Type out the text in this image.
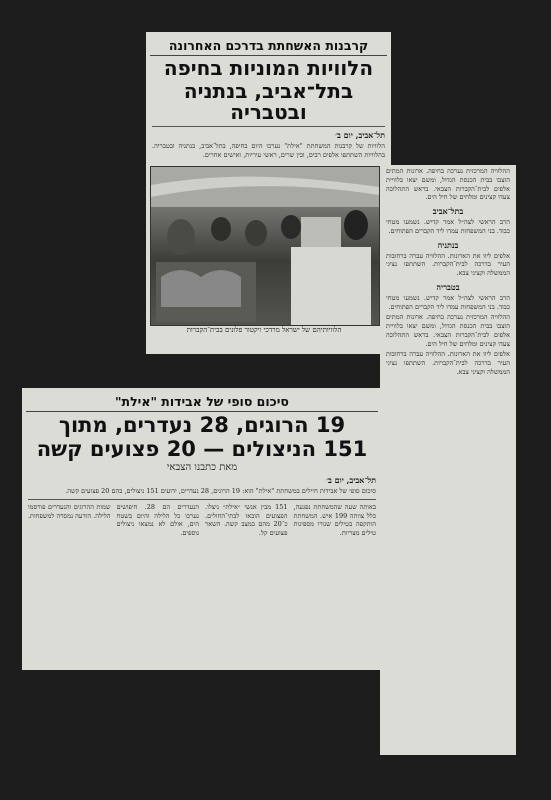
קרבנות האשחתת בדרכם האחרונה
הלוויות המוניות בחיפה
בתל־אביב, בנתניה ובטבריה
תל־אביב, יום ב׳
הלוויות של קרבנות המשחתת "אילת" נערכו היום בחיפה, בתל־אביב, בנתניה ובטבריה. בהלוויות השתתפו אלפים רבים, ובין שרים, ראשי עיריות, ואישים אחרים.
הלוויותיהם של ישראל מרדכי ויקטור פלונים בבית־הקברות
ההלוויה המרכזית נערכה בחיפה. ארונות המתים הוצבו בבית הכנסת הגדול, ומשם יצאו בלוויית אלפים לבית־הקברות הצבאי. בראש התהלוכה צעדו קצינים ומלחים של חיל הים.
בתל־אביב
הרב הראשי לצה״ל אמר קדיש. נשמעו מטחי כבוד. בני המשפחות עמדו ליד הקברים הפתוחים.
בנתניה
אלפים ליוו את הארונות. ההלוויה עברה ברחובות העיר בדרכה לבית־הקברות. השתתפו נציגי הממשלה וקציני צבא.
בטבריה
הרב הראשי לצה״ל אמר קדיש. נשמעו מטחי כבוד. בני המשפחות עמדו ליד הקברים הפתוחים.
ההלוויה המרכזית נערכה בחיפה. ארונות המתים הוצבו בבית הכנסת הגדול, ומשם יצאו בלוויית אלפים לבית־הקברות הצבאי. בראש התהלוכה צעדו קצינים ומלחים של חיל הים.
אלפים ליוו את הארונות. ההלוויה עברה ברחובות העיר בדרכה לבית־הקברות. השתתפו נציגי הממשלה וקציני צבא.
סיכום סופי של אבידות "אילת"
19 הרוגים, 28 נעדרים, מתוך
151 הניצולים — 20 פצועים קשה
מאת כתבנו הצבאי
תל־אביב, יום ב׳
סיכום סופי של אבידות חיילים במשחתת "אילת" הוא: 19 הרוגים, 28 נעדרים, ידועים 151 ניצולים, בהם 20 פצועים קשה.
באותה שעה שהמשחתת נפגעה, כלל צוותה 199 איש. המשחתת הותקפה בטילים שנורו מספינות טילים מצריות.
151 מבין אנשי ״אילת״ ניצלו. הפצועים הובאו לבתי־החולים. כ־20 מהם במצב קשה. השאר פצועים קל.
הנעדרים הם 28. חיפושים נערכו כל הלילה והיום בשטח הים, אולם לא נמצאו ניצולים נוספים.
שמות ההרוגים והנעדרים פורסמו הלילה. הודעה נמסרה למשפחות.
